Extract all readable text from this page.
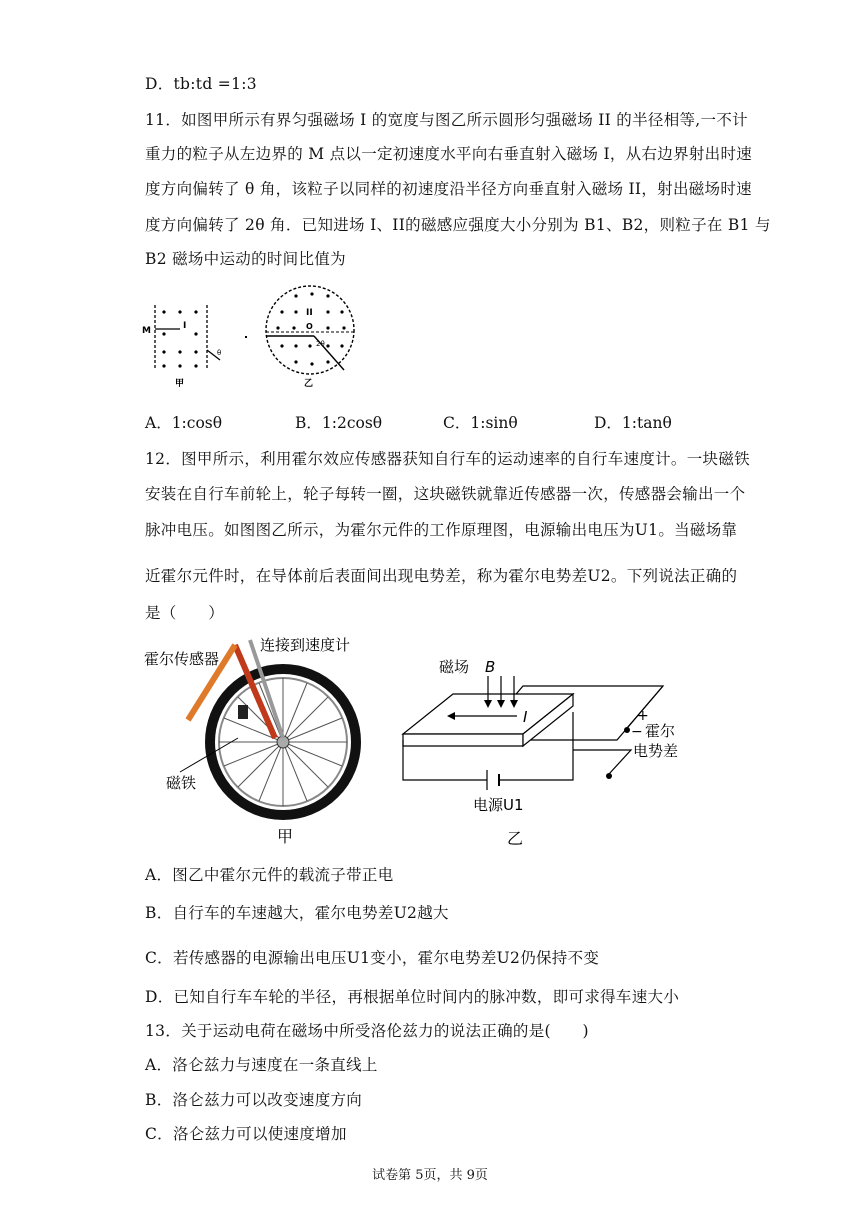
D．tb:td =1:3
11．如图甲所示有界匀强磁场 I 的宽度与图乙所示圆形匀强磁场 II 的半径相等,一不计
重力的粒子从左边界的 M 点以一定初速度水平向右垂直射入磁场 I，从右边界射出时速
度方向偏转了 θ 角，该粒子以同样的初速度沿半径方向垂直射入磁场 II，射出磁场时速
度方向偏转了 2θ 角．已知进场 I、II的磁感应强度大小分别为 B1、B2，则粒子在 B1 与
B2 磁场中运动的时间比值为
M	I
θ
甲
II
O
2θ
乙
A．1:cosθ	B．1:2cosθ	C．1:sinθ	D．1:tanθ
12．图甲所示，利用霍尔效应传感器获知自行车的运动速率的自行车速度计。一块磁铁
安装在自行车前轮上，轮子每转一圈，这块磁铁就靠近传感器一次，传感器会输出一个
脉冲电压。如图图乙所示，为霍尔元件的工作原理图，电源输出电压为U1。当磁场靠
近霍尔元件时，在导体前后表面间出现电势差，称为霍尔电势差U2。下列说法正确的
是（　　）
霍尔传感器
连接到速度计
磁铁
甲
磁场 B
I	+
− 霍尔
电势差
电源U1
乙
A．图乙中霍尔元件的载流子带正电
B．自行车的车速越大，霍尔电势差U2越大
C．若传感器的电源输出电压U1变小，霍尔电势差U2仍保持不变
D．已知自行车车轮的半径，再根据单位时间内的脉冲数，即可求得车速大小
13．关于运动电荷在磁场中所受洛伦兹力的说法正确的是(　　)
A．洛仑兹力与速度在一条直线上
B．洛仑兹力可以改变速度方向
C．洛仑兹力可以使速度增加
试卷第 5页，共 9页
